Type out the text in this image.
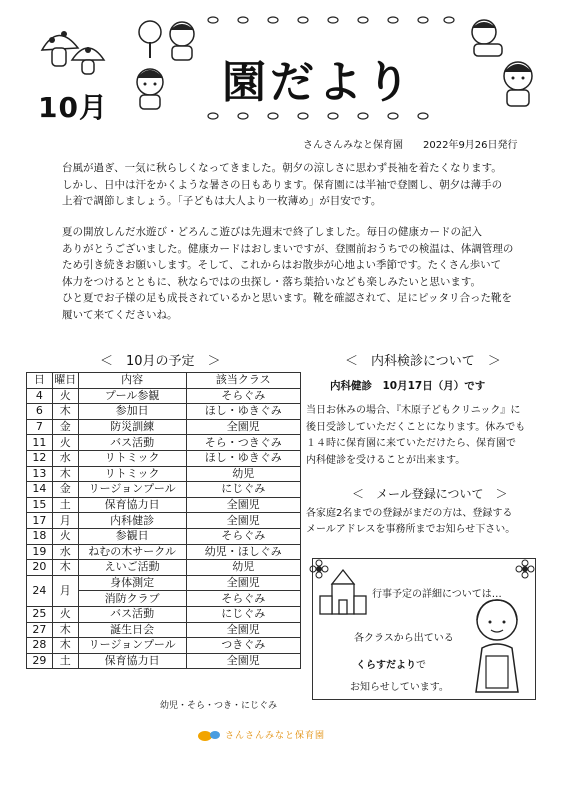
10月	園だより
さんさんみなと保育園 2022年9月26日発行
台風が過ぎ、一気に秋らしくなってきました。朝夕の涼しさに思わず長袖を着たくなります。
しかし、日中は汗をかくような暑さの日もあります。保育園には半袖で登園し、朝夕は薄手の
上着で調節しましょう。「子どもは大人より一枚薄め」が目安です。
夏の開放しんだ水遊び・どろんこ遊びは先週末で終了しました。毎日の健康カードの記入
ありがとうございました。健康カードはおしまいですが、登園前おうちでの検温は、体調管理の
ため引き続きお願いします。そして、これからはお散歩が心地よい季節です。たくさん歩いて
体力をつけるとともに、秋ならではの虫探し・落ち葉拾いなども楽しみたいと思います。
ひと夏でお子様の足も成長されているかと思います。靴を確認されて、足にピッタリ合った靴を
履いて来てくださいね。
＜　10月の予定　＞
日	曜日	内容	該当クラス
4	火	プール参観	そらぐみ
6	木	参加日	ほし・ゆきぐみ
7	金	防災訓練	全園児
11	火	バス活動	そら・つきぐみ
12	水	リトミック	ほし・ゆきぐみ
13	木	リトミック	幼児
14	金	リージョンプール	にじぐみ
15	土	保育協力日	全園児
17	月	内科健診	全園児
18	火	参観日	そらぐみ
19	水	ねむの木サークル	幼児・ほしぐみ
20	木	えいご活動	幼児
24	月	身体測定	全園児
		消防クラブ	そらぐみ
25	火	バス活動	にじぐみ
27	木	誕生日会	全園児
28	木	リージョンプール	つきぐみ
29	土	保育協力日	全園児
幼児・そら・つき・にじぐみ
＜　内科検診について　＞
内科健診　10月17日（月）です
当日お休みの場合、『木原子どもクリニック』に
後日受診していただくことになります。休みでも
１４時に保育園に来ていただけたら、保育園で
内科健診を受けることが出来ます。
＜　メール登録について　＞
各家庭2名までの登録がまだの方は、登録する
メールアドレスを事務所までお知らせ下さい。
行事予定の詳細については…
各クラスから出ている
くらすだよりで
お知らせしています。
さんさんみなと保育園
